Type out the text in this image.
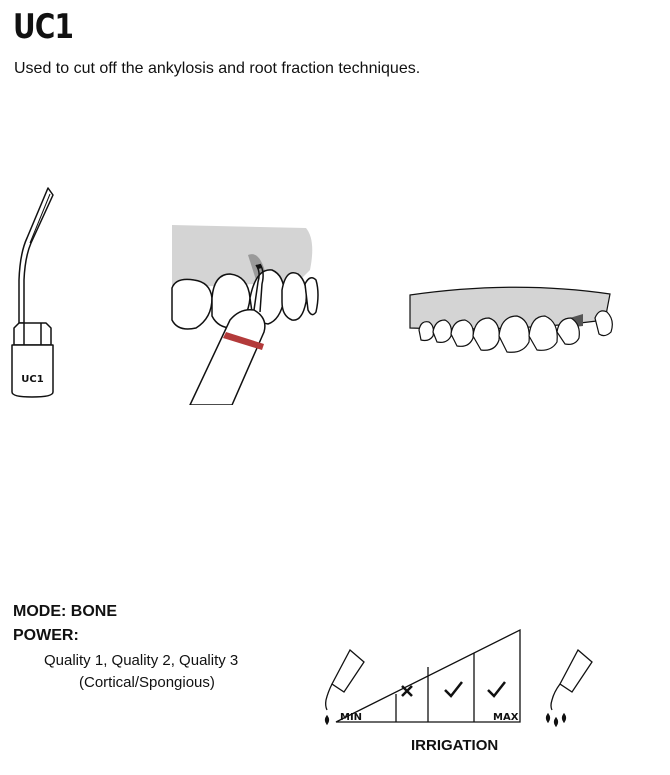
UC1

Used to cut off the ankylosis and root fraction techniques.

UC1
MODE: BONE
POWER:
Quality 1, Quality 2, Quality 3
(Cortical/Spongious)
MIN	MAX
IRRIGATION
